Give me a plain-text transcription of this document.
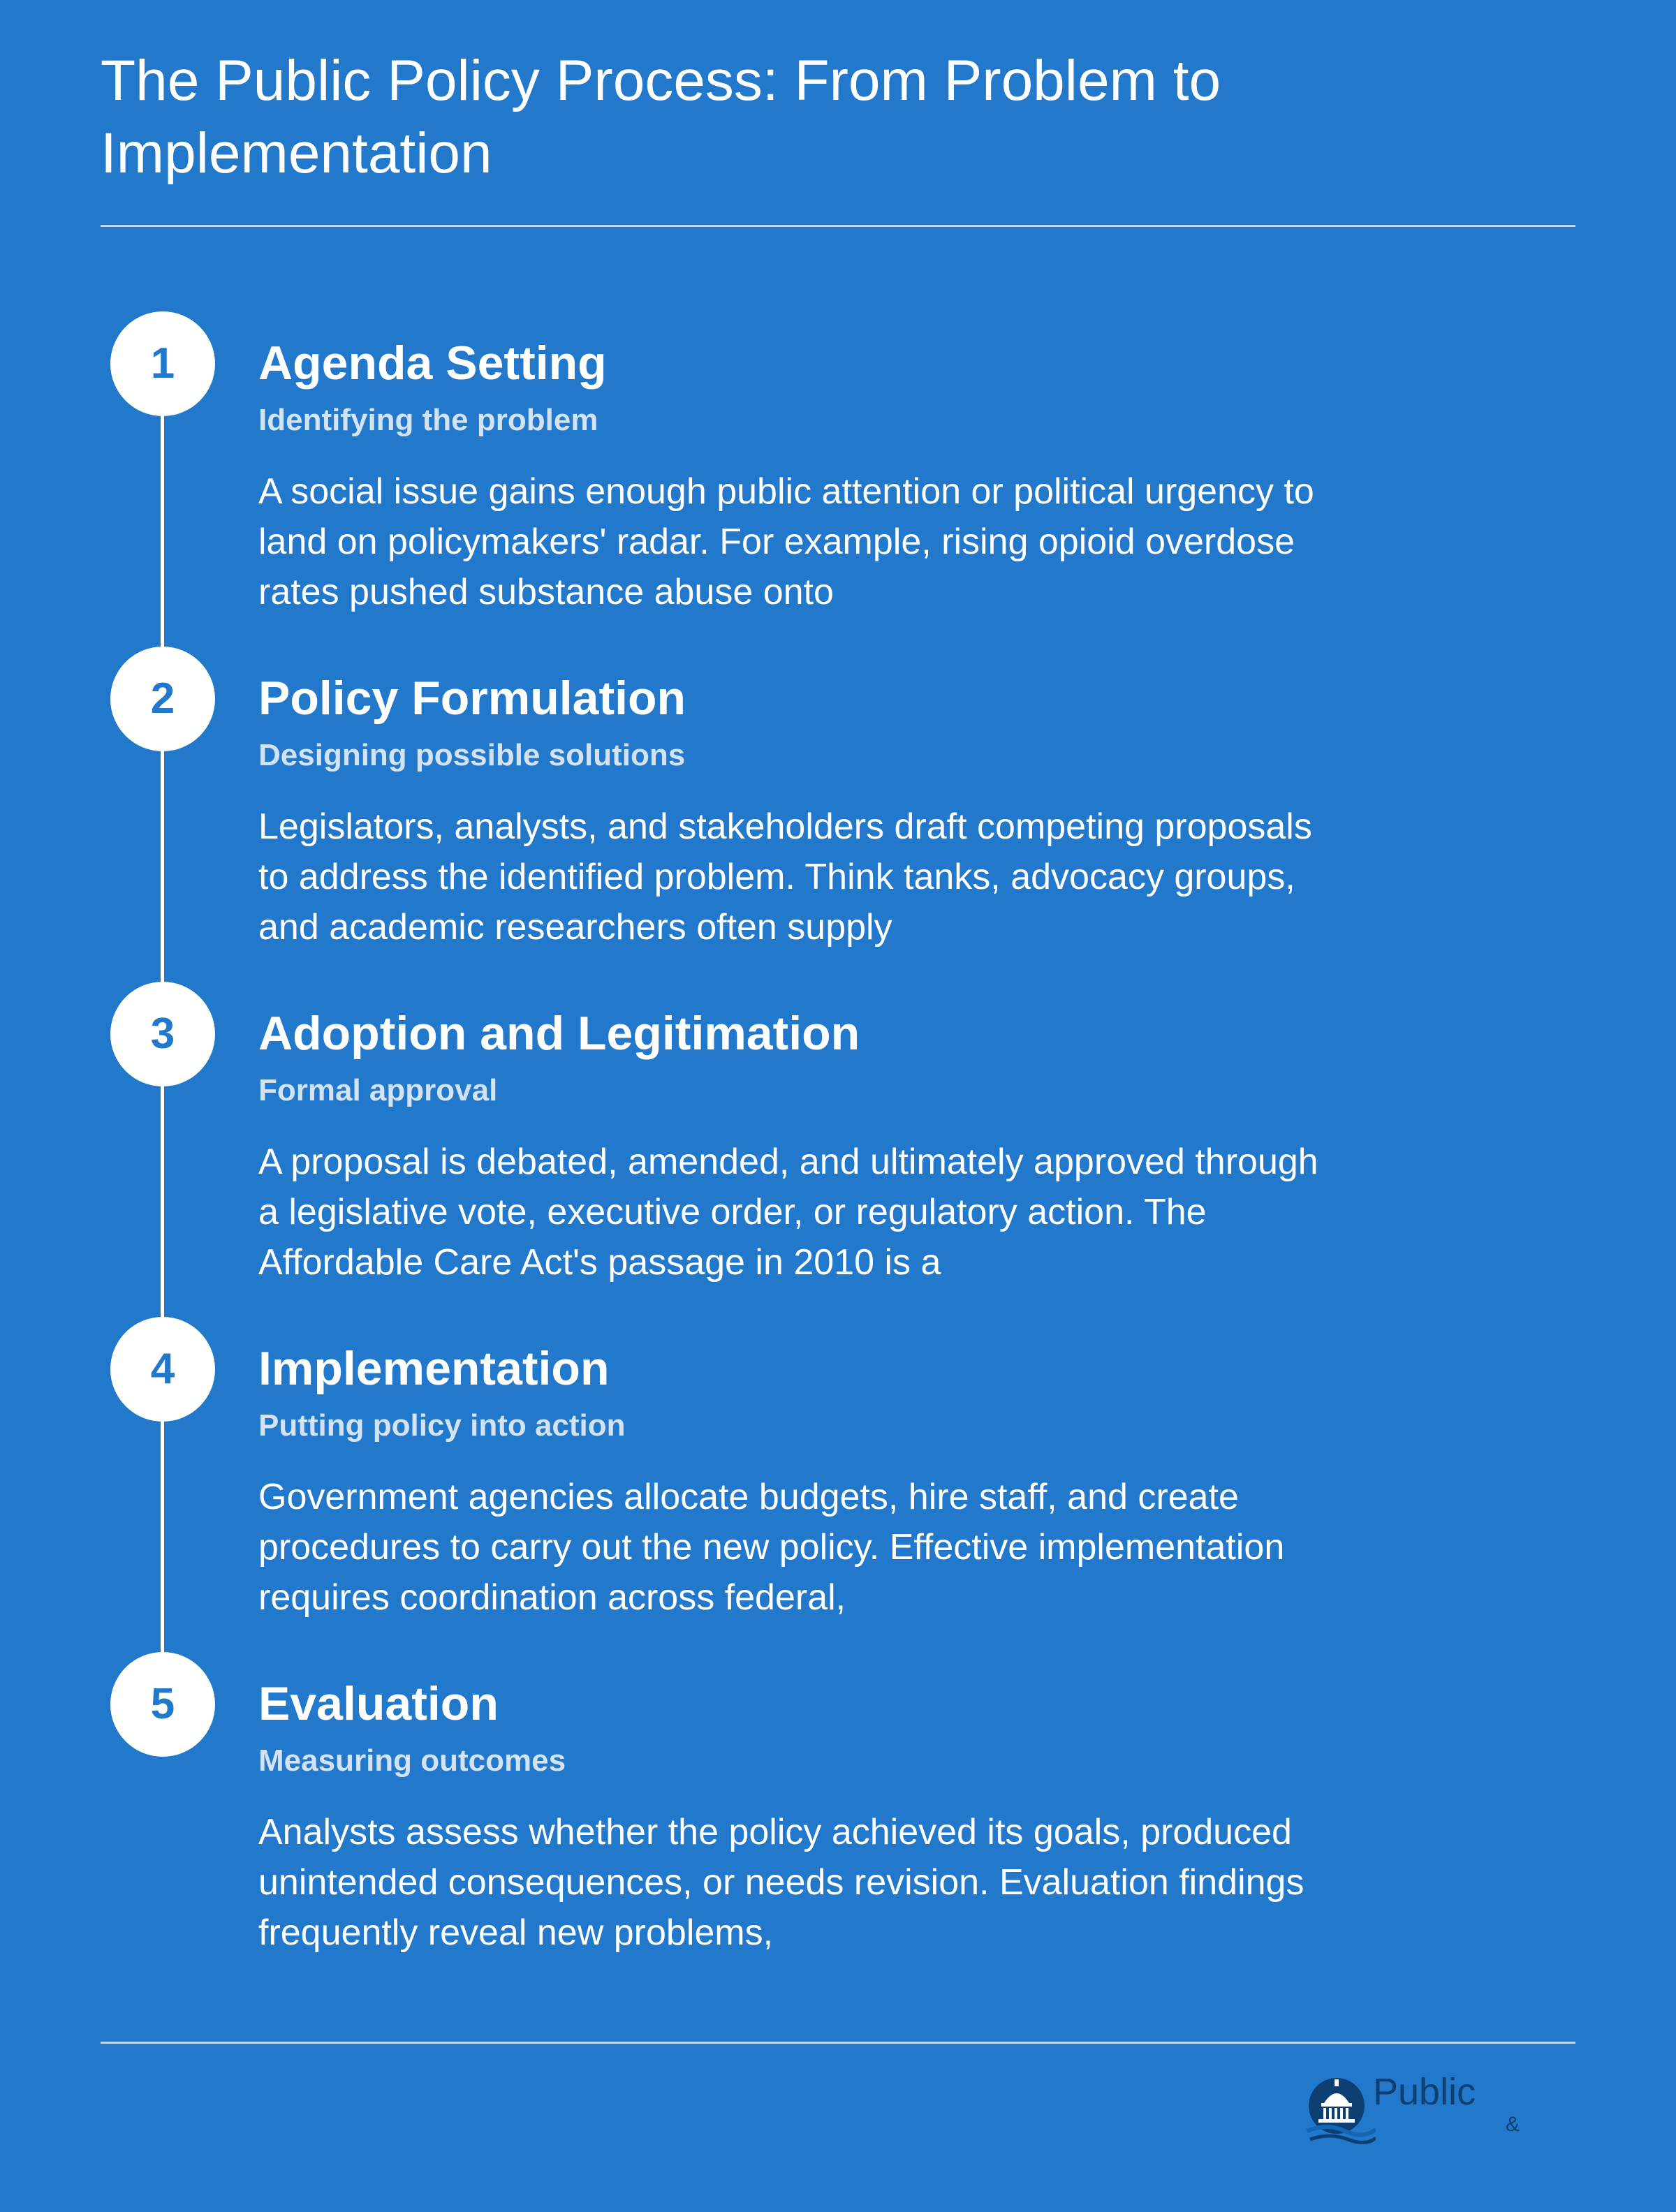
The Public Policy Process: From Problem to Implementation
1	Agenda Setting
Identifying the problem

A social issue gains enough public attention or political urgency to land on policymakers' radar. For example, rising opioid overdose rates pushed substance abuse onto

2	Policy Formulation
Designing possible solutions

Legislators, analysts, and stakeholders draft competing proposals to address the identified problem. Think tanks, advocacy groups, and academic researchers often supply

3	Adoption and Legitimation
Formal approval

A proposal is debated, amended, and ultimately approved through a legislative vote, executive order, or regulatory action. The Affordable Care Act's passage in 2010 is a

4	Implementation
Putting policy into action

Government agencies allocate budgets, hire staff, and create procedures to carry out the new policy. Effective implementation requires coordination across federal,

5	Evaluation
Measuring outcomes

Analysts assess whether the policy achieved its goals, produced unintended consequences, or needs revision. Evaluation findings frequently reveal new problems,

Public
&
